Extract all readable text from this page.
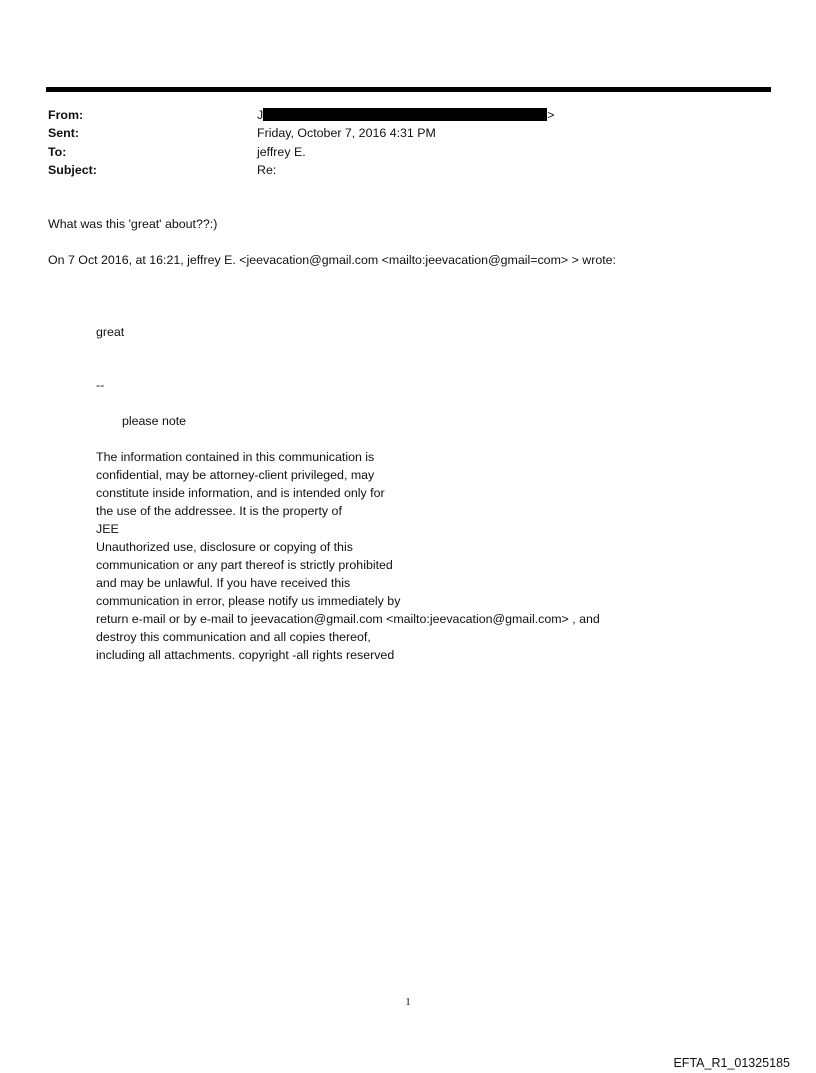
From:	J	>
Sent:	Friday, October 7, 2016 4:31 PM
To:	jeffrey E.
Subject:	Re:
What was this 'great' about??:)
On 7 Oct 2016, at 16:21, jeffrey E. <jeevacation@gmail.com <mailto:jeevacation@gmail=com> > wrote:
great
--
please note
The information contained in this communication is
confidential, may be attorney-client privileged, may
constitute inside information, and is intended only for
the use of the addressee. It is the property of
JEE
Unauthorized use, disclosure or copying of this
communication or any part thereof is strictly prohibited
and may be unlawful. If you have received this
communication in error, please notify us immediately by
return e-mail or by e-mail to jeevacation@gmail.com <mailto:jeevacation@gmail.com> , and
destroy this communication and all copies thereof,
including all attachments. copyright -all rights reserved
1
EFTA_R1_01325185
